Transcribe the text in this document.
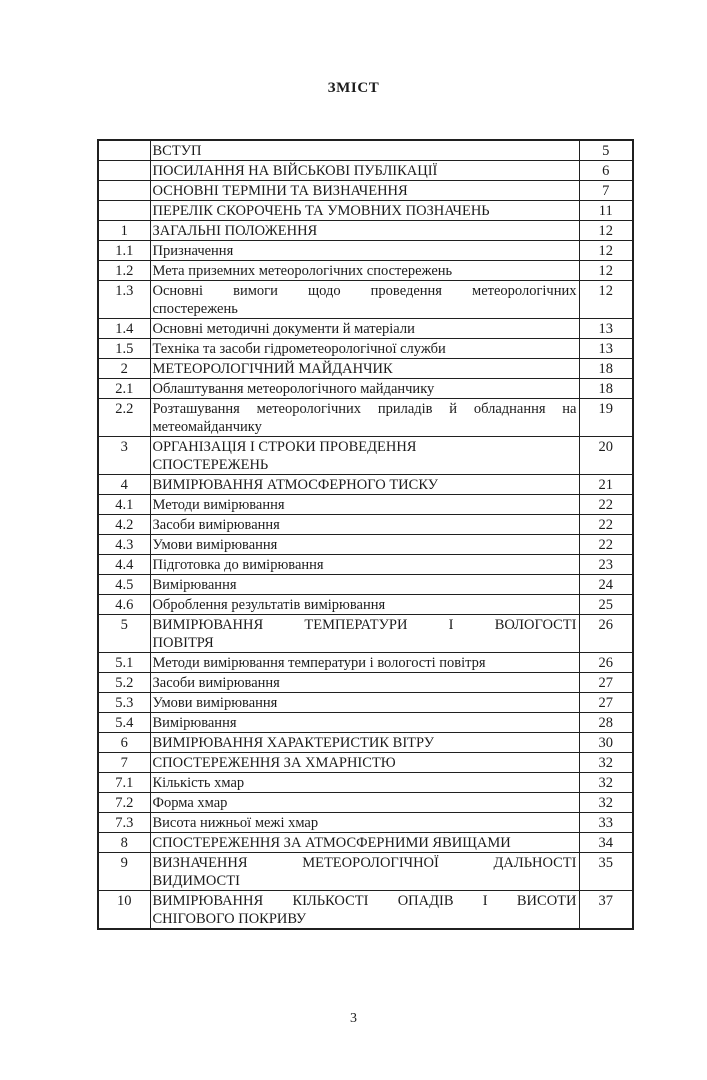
ЗМІСТ

	ВСТУП	5

	ПОСИЛАННЯ НА ВІЙСЬКОВІ ПУБЛІКАЦІЇ	6

	ОСНОВНІ ТЕРМІНИ ТА ВИЗНАЧЕННЯ	7

	ПЕРЕЛІК СКОРОЧЕНЬ ТА УМОВНИХ ПОЗНАЧЕНЬ	11
1	ЗАГАЛЬНІ ПОЛОЖЕННЯ	12
1.1	Призначення	12
1.2	Мета приземних метеорологічних спостережень	12
1.3	Основні вимоги щодо проведення метеорологічних
спостережень	12
1.4	Основні методичні документи й матеріали	13
1.5	Техніка та засоби гідрометеорологічної служби	13
2	МЕТЕОРОЛОГІЧНИЙ МАЙДАНЧИК	18
2.1	Облаштування метеорологічного майданчику	18
2.2	Розташування метеорологічних приладів й обладнання на
метеомайданчику	19
3	ОРГАНІЗАЦІЯ І СТРОКИ ПРОВЕДЕННЯ
СПОСТЕРЕЖЕНЬ	20
4	ВИМІРЮВАННЯ АТМОСФЕРНОГО ТИСКУ	21
4.1	Методи вимірювання	22
4.2	Засоби вимірювання	22
4.3	Умови вимірювання	22
4.4	Підготовка до вимірювання	23
4.5	Вимірювання	24
4.6	Оброблення результатів вимірювання	25
5	ВИМІРЮВАННЯ ТЕМПЕРАТУРИ І ВОЛОГОСТІ
ПОВІТРЯ	26
5.1	Методи вимірювання температури і вологості повітря	26
5.2	Засоби вимірювання	27
5.3	Умови вимірювання	27
5.4	Вимірювання	28
6	ВИМІРЮВАННЯ ХАРАКТЕРИСТИК ВІТРУ	30
7	СПОСТЕРЕЖЕННЯ ЗА ХМАРНІСТЮ	32
7.1	Кількість хмар	32
7.2	Форма хмар	32
7.3	Висота нижньої межі хмар	33
8	СПОСТЕРЕЖЕННЯ ЗА АТМОСФЕРНИМИ ЯВИЩАМИ	34
9	ВИЗНАЧЕННЯ МЕТЕОРОЛОГІЧНОЇ ДАЛЬНОСТІ
ВИДИМОСТІ	35
10	ВИМІРЮВАННЯ КІЛЬКОСТІ ОПАДІВ І ВИСОТИ
СНІГОВОГО ПОКРИВУ	37
3
